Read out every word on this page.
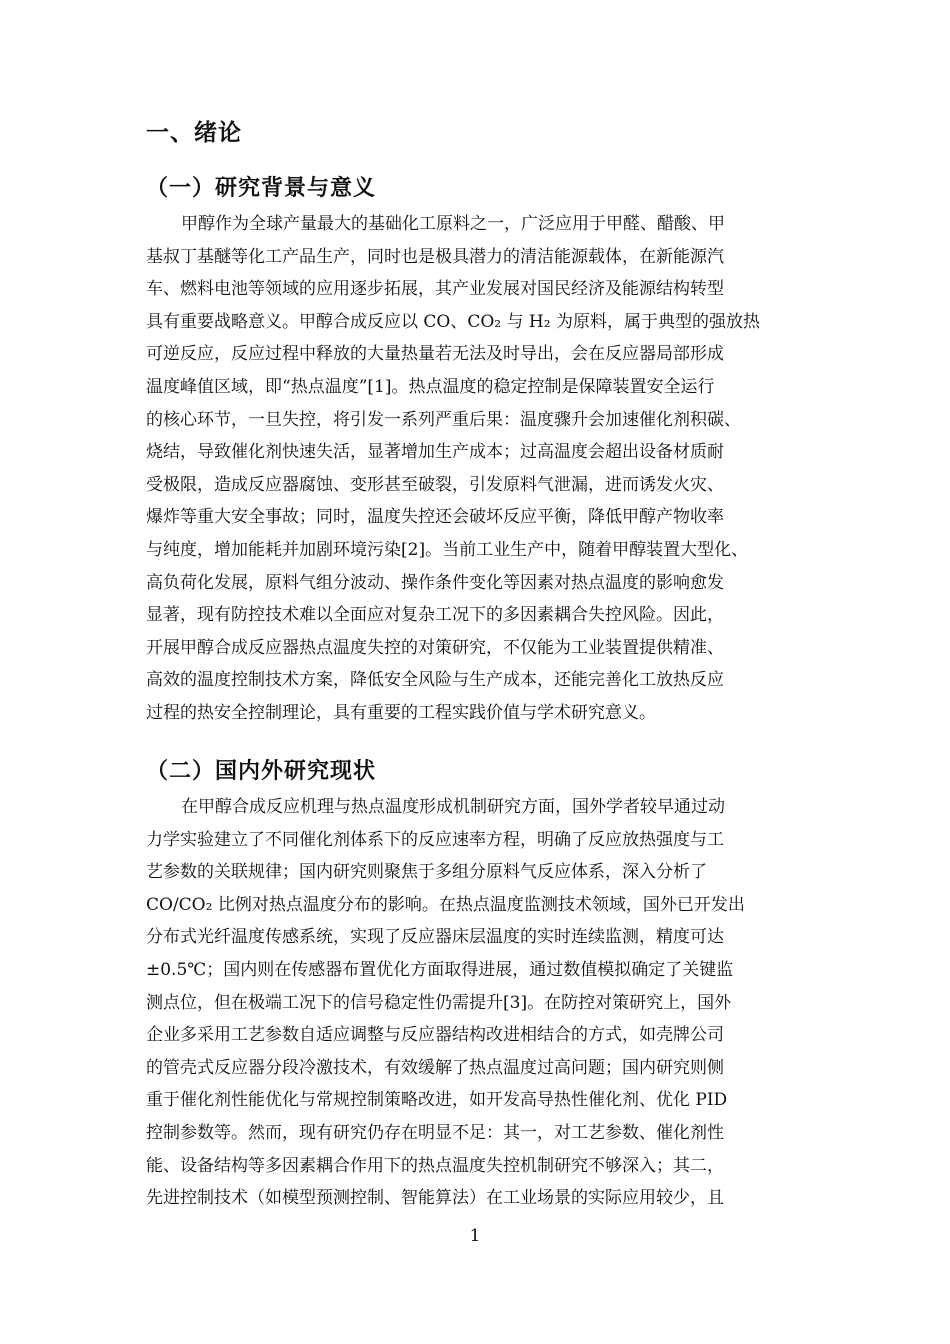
一、绪论
（一）研究背景与意义
甲醇作为全球产量最大的基础化工原料之一，广泛应用于甲醛、醋酸、甲
基叔丁基醚等化工产品生产，同时也是极具潜力的清洁能源载体，在新能源汽
车、燃料电池等领域的应用逐步拓展，其产业发展对国民经济及能源结构转型
具有重要战略意义。甲醇合成反应以 CO、CO₂ 与 H₂ 为原料，属于典型的强放热
可逆反应，反应过程中释放的大量热量若无法及时导出，会在反应器局部形成
温度峰值区域，即“热点温度”[1]。热点温度的稳定控制是保障装置安全运行
的核心环节，一旦失控，将引发一系列严重后果：温度骤升会加速催化剂积碳、
烧结，导致催化剂快速失活，显著增加生产成本；过高温度会超出设备材质耐
受极限，造成反应器腐蚀、变形甚至破裂，引发原料气泄漏，进而诱发火灾、
爆炸等重大安全事故；同时，温度失控还会破坏反应平衡，降低甲醇产物收率
与纯度，增加能耗并加剧环境污染[2]。当前工业生产中，随着甲醇装置大型化、
高负荷化发展，原料气组分波动、操作条件变化等因素对热点温度的影响愈发
显著，现有防控技术难以全面应对复杂工况下的多因素耦合失控风险。因此，
开展甲醇合成反应器热点温度失控的对策研究，不仅能为工业装置提供精准、
高效的温度控制技术方案，降低安全风险与生产成本，还能完善化工放热反应
过程的热安全控制理论，具有重要的工程实践价值与学术研究意义。
（二）国内外研究现状
在甲醇合成反应机理与热点温度形成机制研究方面，国外学者较早通过动
力学实验建立了不同催化剂体系下的反应速率方程，明确了反应放热强度与工
艺参数的关联规律；国内研究则聚焦于多组分原料气反应体系，深入分析了
CO/CO₂ 比例对热点温度分布的影响。在热点温度监测技术领域，国外已开发出
分布式光纤温度传感系统，实现了反应器床层温度的实时连续监测，精度可达
±0.5℃；国内则在传感器布置优化方面取得进展，通过数值模拟确定了关键监
测点位，但在极端工况下的信号稳定性仍需提升[3]。在防控对策研究上，国外
企业多采用工艺参数自适应调整与反应器结构改进相结合的方式，如壳牌公司
的管壳式反应器分段冷激技术，有效缓解了热点温度过高问题；国内研究则侧
重于催化剂性能优化与常规控制策略改进，如开发高导热性催化剂、优化 PID
控制参数等。然而，现有研究仍存在明显不足：其一，对工艺参数、催化剂性
能、设备结构等多因素耦合作用下的热点温度失控机制研究不够深入；其二，
先进控制技术（如模型预测控制、智能算法）在工业场景的实际应用较少，且
1
